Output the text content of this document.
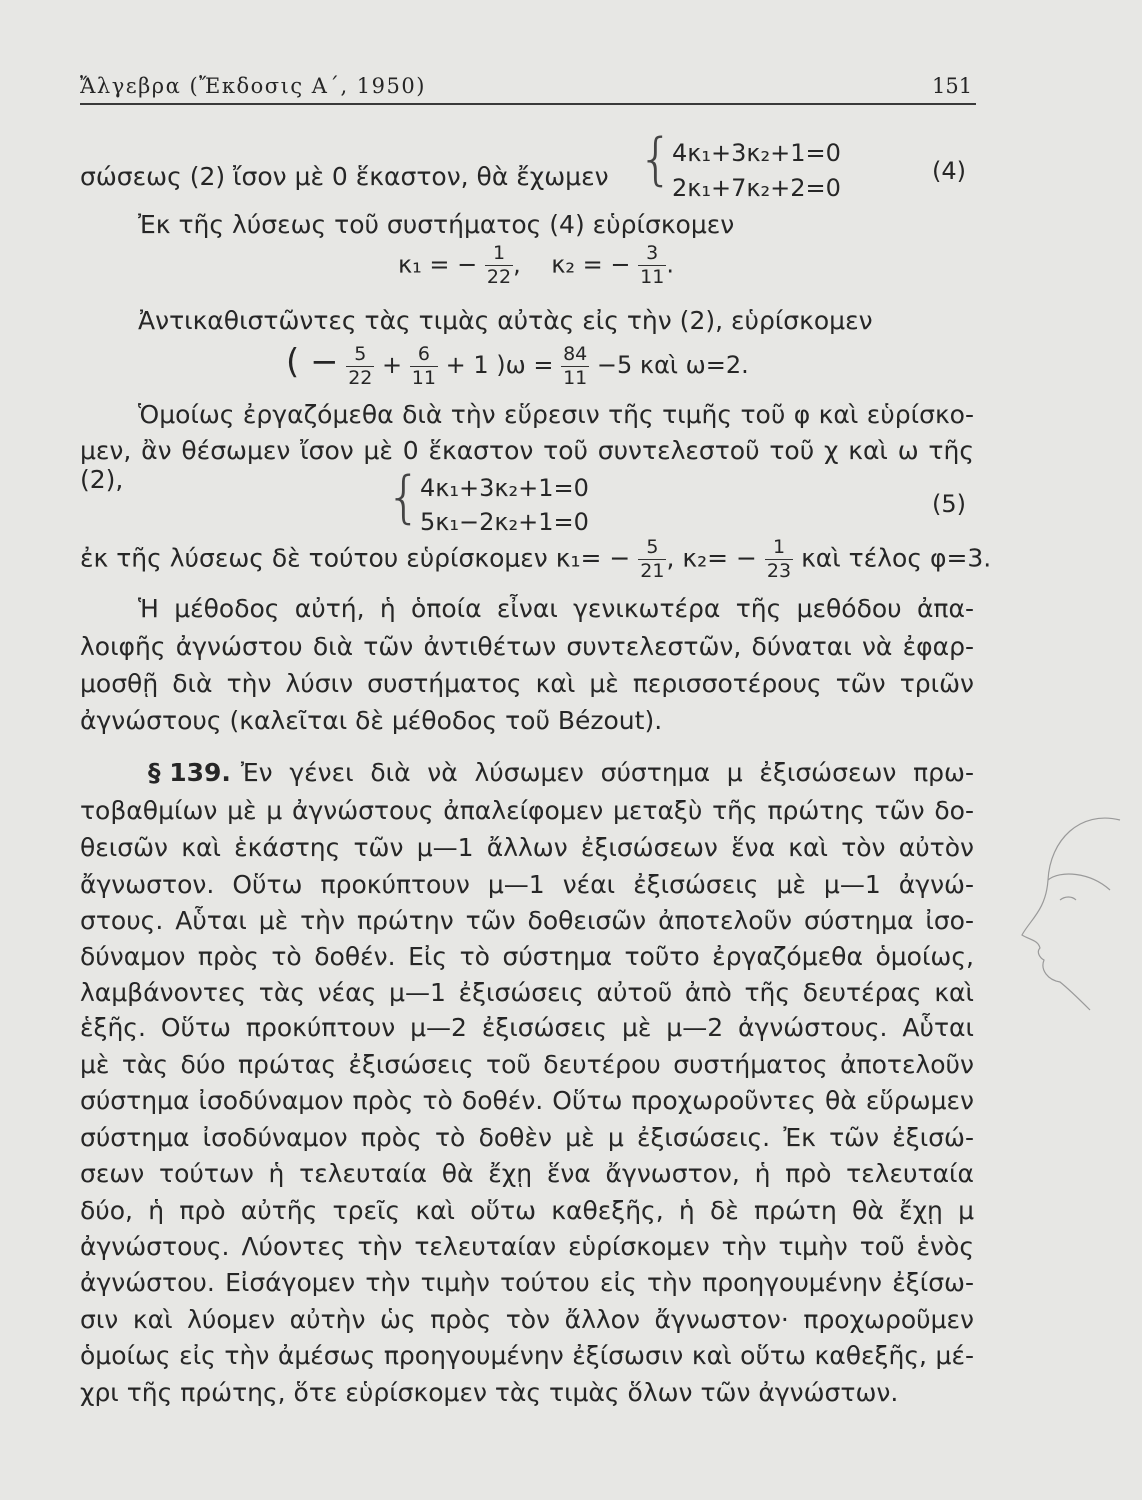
Ἄλγεβρα (Ἔκδοσις Α΄, 1950)	151
σώσεως (2) ἴσον μὲ 0 ἕκαστον, θὰ ἔχωμεν {
4κ₁+3κ₂+1=0
2κ₁+7κ₂+2=0
(4)
Ἐκ τῆς λύσεως τοῦ συστήματος (4) εὑρίσκομεν
κ₁ = − $\frac{1}{22}$ , κ₂ = − $\frac{3}{11}$ .
Ἀντικαθιστῶντες τὰς τιμὰς αὐτὰς εἰς τὴν (2), εὑρίσκομεν
( − $\frac{5}{22} + \frac{6}{11} + 1$ )$\omega = \frac{84}{11} -5$ καὶ ω=2.
Ὁμοίως ἐργαζόμεθα διὰ τὴν εὕρεσιν τῆς τιμῆς τοῦ φ καὶ εὑρίσκο-
μεν, ἂν θέσωμεν ἴσον μὲ 0 ἕκαστον τοῦ συντελεστοῦ τοῦ χ καὶ ω τῆς (2),	{
4κ₁+3κ₂+1=0
5κ₁−2κ₂+1=0
(5)
ἐκ τῆς λύσεως δὲ τούτου εὑρίσκομεν $\kappa_1= - \frac{5}{21}$ , $\kappa_2= - \frac{1}{23}$ καὶ τέλος φ=3.
Ἡ μέθοδος αὐτή, ἡ ὁποία εἶναι γενικωτέρα τῆς μεθόδου ἀπα-
λοιφῆς ἀγνώστου διὰ τῶν ἀντιθέτων συντελεστῶν, δύναται νὰ ἐφαρ-
μοσθῇ διὰ τὴν λύσιν συστήματος καὶ μὲ περισσοτέρους τῶν τριῶν
ἀγνώστους (καλεῖται δὲ μέθοδος τοῦ Bézout).
§ 139. Ἐν γένει διὰ νὰ λύσωμεν σύστημα μ ἐξισώσεων πρω-
τοβαθμίων μὲ μ ἀγνώστους ἀπαλείφομεν μεταξὺ τῆς πρώτης τῶν δο-
θεισῶν καὶ ἑκάστης τῶν μ—1 ἄλλων ἐξισώσεων ἕνα καὶ τὸν αὐτὸν
ἄγνωστον. Οὕτω προκύπτουν μ—1 νέαι ἐξισώσεις μὲ μ—1 ἀγνώ-
στους. Αὗται μὲ τὴν πρώτην τῶν δοθεισῶν ἀποτελοῦν σύστημα ἰσο-
δύναμον πρὸς τὸ δοθέν. Εἰς τὸ σύστημα τοῦτο ἐργαζόμεθα ὁμοίως,
λαμβάνοντες τὰς νέας μ—1 ἐξισώσεις αὐτοῦ ἀπὸ τῆς δευτέρας καὶ
ἑξῆς. Οὕτω προκύπτουν μ—2 ἐξισώσεις μὲ μ—2 ἀγνώστους. Αὗται
μὲ τὰς δύο πρώτας ἐξισώσεις τοῦ δευτέρου συστήματος ἀποτελοῦν
σύστημα ἰσοδύναμον πρὸς τὸ δοθέν. Οὕτω προχωροῦντες θὰ εὕρωμεν
σύστημα ἰσοδύναμον πρὸς τὸ δοθὲν μὲ μ ἐξισώσεις. Ἐκ τῶν ἐξισώ-
σεων τούτων ἡ τελευταία θὰ ἔχῃ ἕνα ἄγνωστον, ἡ πρὸ τελευταία
δύο, ἡ πρὸ αὐτῆς τρεῖς καὶ οὕτω καθεξῆς, ἡ δὲ πρώτη θὰ ἔχῃ μ
ἀγνώστους. Λύοντες τὴν τελευταίαν εὑρίσκομεν τὴν τιμὴν τοῦ ἑνὸς
ἀγνώστου. Εἰσάγομεν τὴν τιμὴν τούτου εἰς τὴν προηγουμένην ἐξίσω-
σιν καὶ λύομεν αὐτὴν ὡς πρὸς τὸν ἄλλον ἄγνωστον· προχωροῦμεν
ὁμοίως εἰς τὴν ἀμέσως προηγουμένην ἐξίσωσιν καὶ οὕτω καθεξῆς, μέ-
χρι τῆς πρώτης, ὅτε εὑρίσκομεν τὰς τιμὰς ὅλων τῶν ἀγνώστων.
